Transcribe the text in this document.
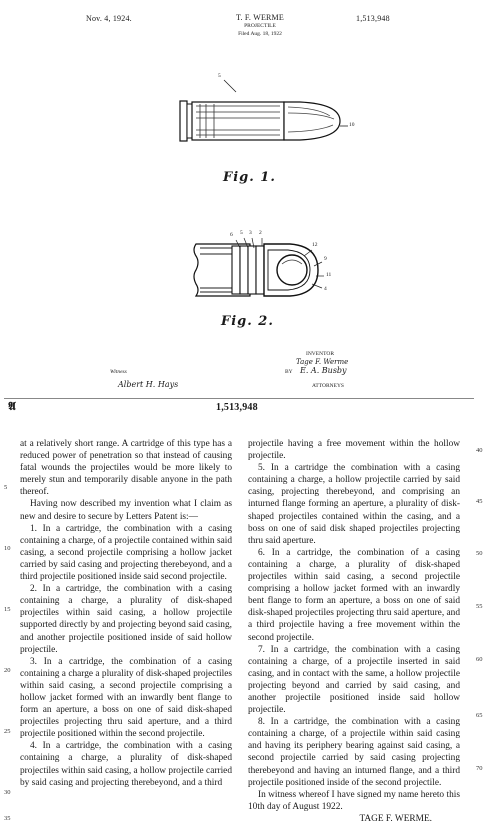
Nov. 4, 1924.	T. F. WERME
PROJECTILE
Filed Aug. 18, 1922
1,513,948
5
10
Fig. 1.
6 5 3 2
12
9
11
4
Fig. 2.
Witness
Albert H. Hays
INVENTOR
Tage F. Werme
BY E. A. Busby
ATTORNEYS
𝕬	1,513,948

at a relatively short range. A cartridge of this type has a reduced power of penetration so that instead of causing fatal wounds the projectiles would be more likely to merely stun and temporarily disable anyone in the path thereof.

Having now described my invention what I claim as new and desire to secure by Letters Patent is:—

1. In a cartridge, the combination with a casing containing a charge, of a projectile contained within said casing, a second projectile comprising a hollow jacket carried by said casing and projecting therebeyond, and a third projectile positioned inside said second projectile.

2. In a cartridge, the combination with a casing containing a charge, a plurality of disk-shaped projectiles within said casing, a hollow projectile supported directly by and projecting beyond said casing, and another projectile positioned inside of said hollow projectile.

3. In a cartridge, the combination of a casing containing a charge a plurality of disk-shaped projectiles within said casing, a second projectile comprising a hollow jacket formed with an inwardly bent flange to form an aperture, a boss on one of said disk-shaped projectiles projecting thru said aperture, and a third projectile positioned within the second projectile.

4. In a cartridge, the combination with a casing containing a charge, a plurality of disk-shaped projectiles within said casing, a hollow projectile carried by said casing and projecting therebeyond, and a third

projectile having a free movement within the hollow projectile.

5. In a cartridge the combination with a casing containing a charge, a hollow projectile carried by said casing, projecting therebeyond, and comprising an inturned flange forming an aperture, a plurality of disk-shaped projectiles contained within the casing, and a boss on one of said disk shaped projectiles projecting thru said aperture.

6. In a cartridge, the combination of a casing containing a charge, a plurality of disk-shaped projectiles within said casing, a second projectile comprising a hollow jacket formed with an inwardly bent flange to form an aperture, a boss on one of said disk-shaped projectiles projecting thru said aperture, and a third projectile having a free movement within the second projectile.

7. In a cartridge, the combination with a casing containing a charge, of a projectile inserted in said casing, and in contact with the same, a hollow projectile projecting beyond and carried by said casing, and another projectile positioned inside said hollow projectile.

8. In a cartridge, the combination with a casing containing a charge, of a projectile within said casing and having its periphery bearing against said casing, a second projectile carried by said casing projecting therebeyond and having an inturned flange, and a third projectile positioned inside of the second projectile.

In witness whereof I have signed my name hereto this 10th day of August 1922.

TAGE F. WERME.

5
10
15
20
25
30
35
40
45
50
55
60
65
70
